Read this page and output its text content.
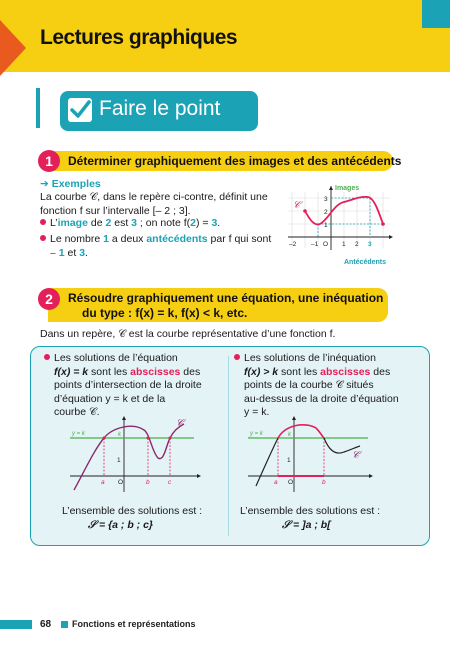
Lectures graphiques
Faire le point
1	Déterminer graphiquement des images et des antécédents
➔ Exemples
La courbe 𝒞, dans le repère ci-contre, définit une fonction f sur l’intervalle [– 2 ; 3].
L’image de 2 est 3 ; on note f(2) = 3.
Le nombre 1 a deux antécédents par f qui sont
– 1 et 3.
Images
𝒞
–2 –1 O 1 2 3
1
2
3
Antécédents
2	Résoudre graphiquement une équation, une inéquation
du type : f(x) = k, f(x) < k, etc.
Dans un repère, 𝒞 est la courbe représentative d’une fonction f.
Les solutions de l’équation
f(x) = k sont les abscisses des
points d’intersection de la droite
d’équation y = k et de la
courbe 𝒞.
y = k	k
1
O
a	b	c
𝒞
L’ensemble des solutions est :
𝒮 = {a ; b ; c}
Les solutions de l’inéquation
f(x) > k sont les abscisses des
points de la courbe 𝒞 situés
au-dessus de la droite d’équation
y = k.
y = k	k
1
O
a	b
𝒞
L’ensemble des solutions est :
𝒮 = ]a ; b[
68 Fonctions et représentations
